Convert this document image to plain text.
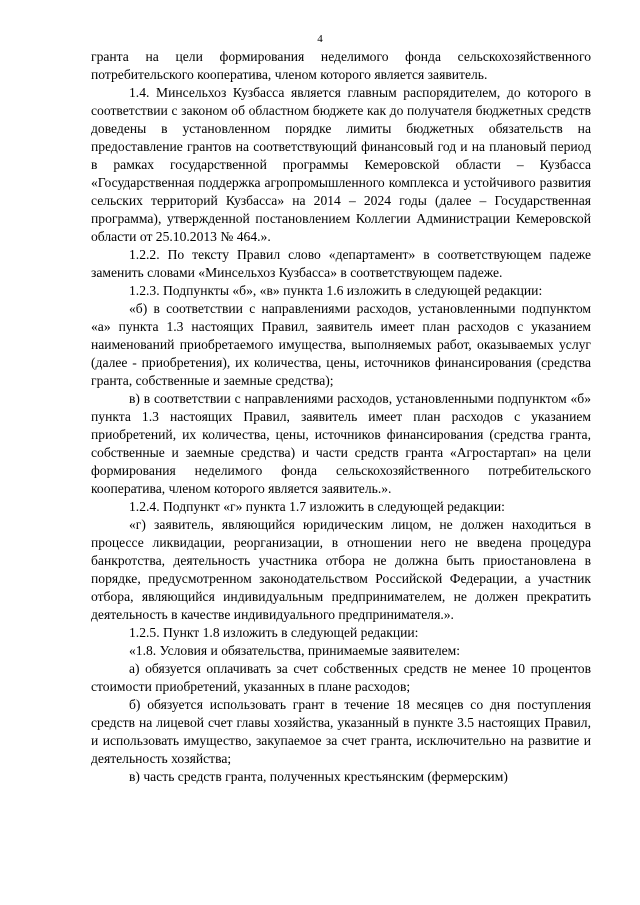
4

гранта на цели формирования неделимого фонда сельскохозяйственного потребительского кооператива, членом которого является заявитель.

1.4. Минсельхоз Кузбасса является главным распорядителем, до которого в соответствии с законом об областном бюджете как до получателя бюджетных средств доведены в установленном порядке лимиты бюджетных обязательств на предоставление грантов на соответствующий финансовый год и на плановый период в рамках государственной программы Кемеровской области – Кузбасса «Государственная поддержка агропромышленного комплекса и устойчивого развития сельских территорий Кузбасса» на 2014 – 2024 годы (далее – Государственная программа), утвержденной постановлением Коллегии Администрации Кемеровской области от 25.10.2013 № 464.».

1.2.2. По тексту Правил слово «департамент» в соответствующем падеже заменить словами «Минсельхоз Кузбасса» в соответствующем падеже.

1.2.3. Подпункты «б», «в» пункта 1.6 изложить в следующей редакции:

«б) в соответствии с направлениями расходов, установленными подпунктом «а» пункта 1.3 настоящих Правил, заявитель имеет план расходов с указанием наименований приобретаемого имущества, выполняемых работ, оказываемых услуг (далее - приобретения), их количества, цены, источников финансирования (средства гранта, собственные и заемные средства);

в) в соответствии с направлениями расходов, установленными подпунктом «б» пункта 1.3 настоящих Правил, заявитель имеет план расходов с указанием приобретений, их количества, цены, источников финансирования (средства гранта, собственные и заемные средства) и части средств гранта «Агростартап» на цели формирования неделимого фонда сельскохозяйственного потребительского кооператива, членом которого является заявитель.».

1.2.4. Подпункт «г» пункта 1.7 изложить в следующей редакции:

«г) заявитель, являющийся юридическим лицом, не должен находиться в процессе ликвидации, реорганизации, в отношении него не введена процедура банкротства, деятельность участника отбора не должна быть приостановлена в порядке, предусмотренном законодательством Российской Федерации, а участник отбора, являющийся индивидуальным предпринимателем, не должен прекратить деятельность в качестве индивидуального предпринимателя.».

1.2.5. Пункт 1.8 изложить в следующей редакции:

«1.8. Условия и обязательства, принимаемые заявителем:

а) обязуется оплачивать за счет собственных средств не менее 10 процентов стоимости приобретений, указанных в плане расходов;

б) обязуется использовать грант в течение 18 месяцев со дня поступления средств на лицевой счет главы хозяйства, указанный в пункте 3.5 настоящих Правил, и использовать имущество, закупаемое за счет гранта, исключительно на развитие и деятельность хозяйства;

в) часть средств гранта, полученных крестьянским (фермерским)
